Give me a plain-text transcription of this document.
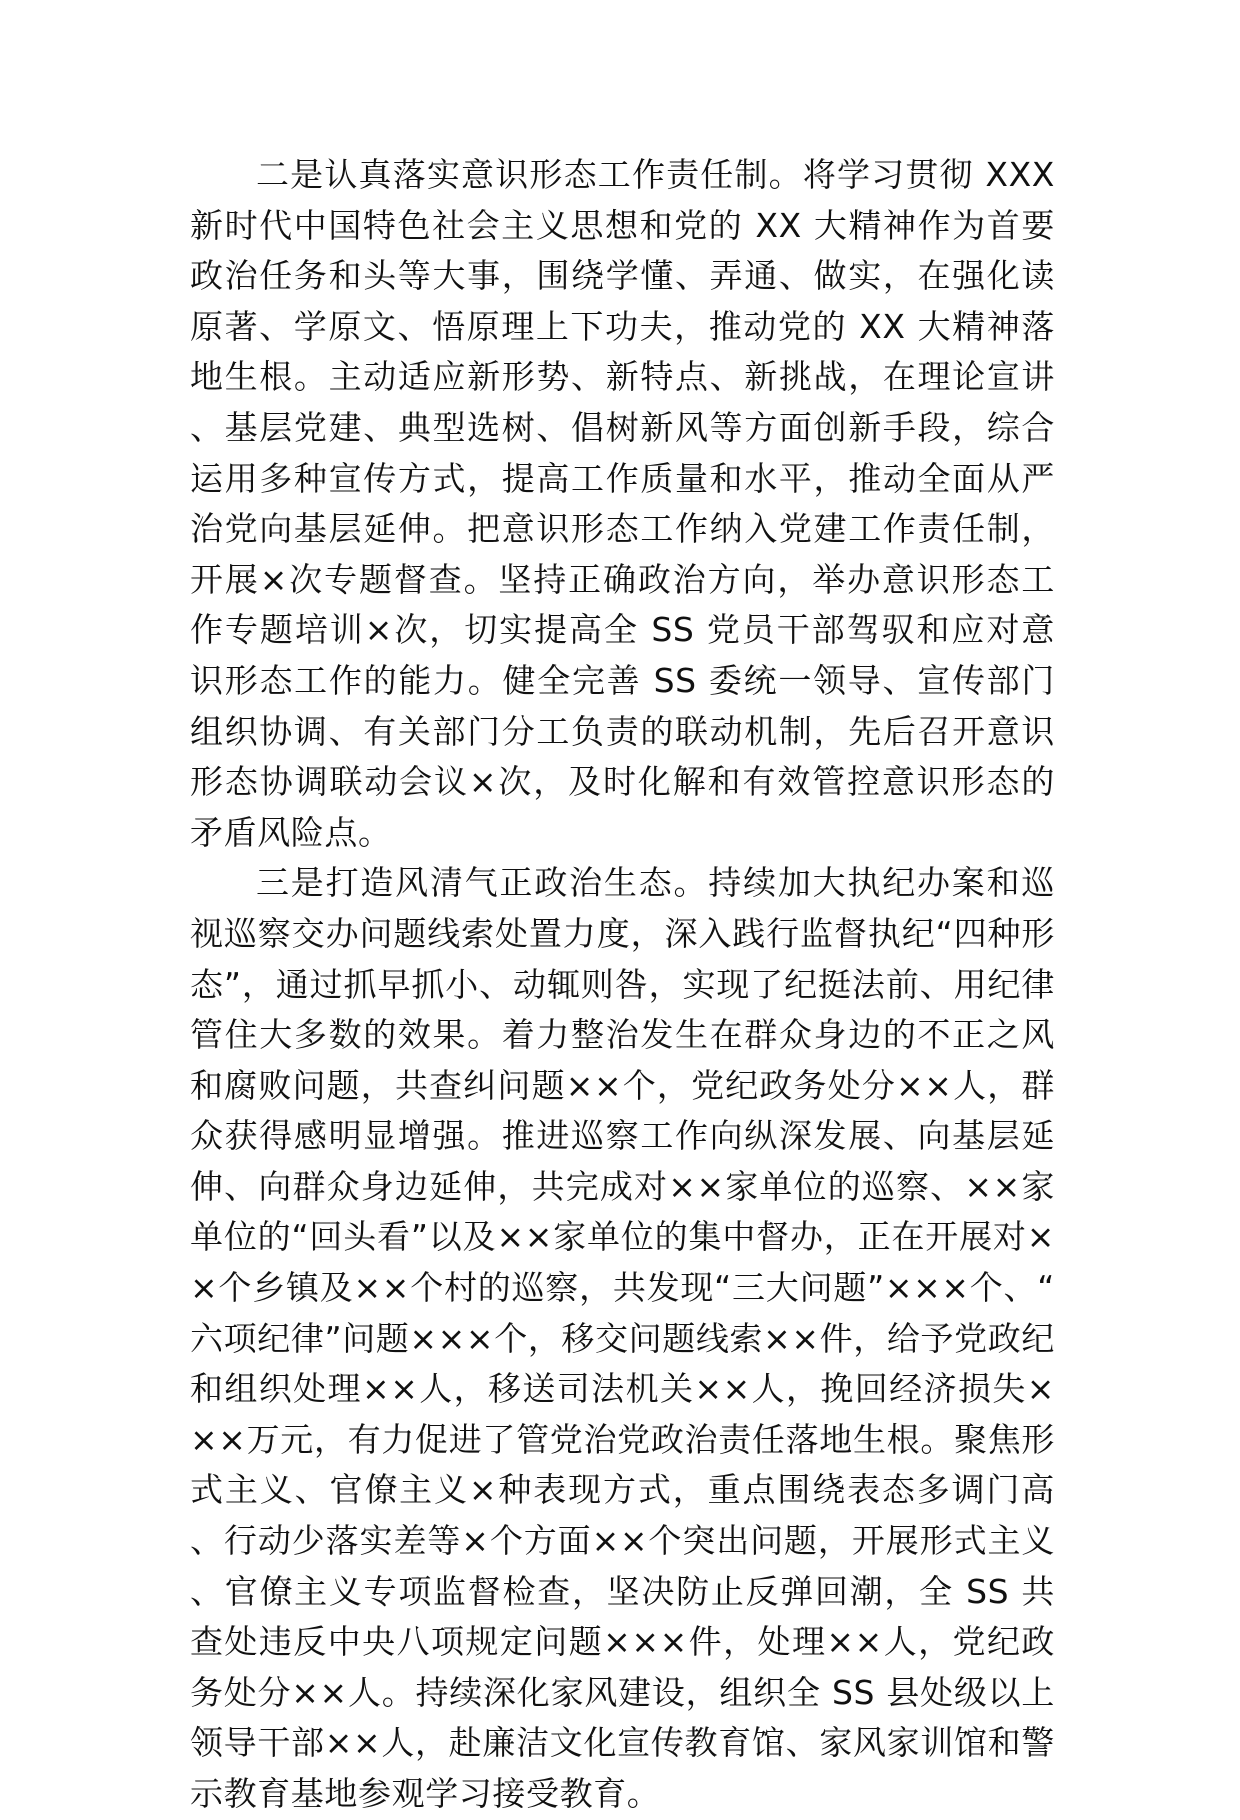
二是认真落实意识形态工作责任制。将学习贯彻 XXX 新时代中国特色社会主义思想和党的 XX 大精神作为首要政治任务和头等大事，围绕学懂、弄通、做实，在强化读原著、学原文、悟原理上下功夫，推动党的 XX 大精神落地生根。主动适应新形势、新特点、新挑战，在理论宣讲、基层党建、典型选树、倡树新风等方面创新手段，综合运用多种宣传方式，提高工作质量和水平，推动全面从严治党向基层延伸。把意识形态工作纳入党建工作责任制，开展×次专题督查。坚持正确政治方向，举办意识形态工作专题培训×次，切实提高全 SS 党员干部驾驭和应对意识形态工作的能力。健全完善 SS 委统一领导、宣传部门组织协调、有关部门分工负责的联动机制，先后召开意识形态协调联动会议×次，及时化解和有效管控意识形态的矛盾风险点。

三是打造风清气正政治生态。持续加大执纪办案和巡视巡察交办问题线索处置力度，深入践行监督执纪“四种形态”，通过抓早抓小、动辄则咎，实现了纪挺法前、用纪律管住大多数的效果。着力整治发生在群众身边的不正之风和腐败问题，共查纠问题××个，党纪政务处分××人，群众获得感明显增强。推进巡察工作向纵深发展、向基层延伸、向群众身边延伸，共完成对××家单位的巡察、××家单位的“回头看”以及××家单位的集中督办，正在开展对××个乡镇及××个村的巡察，共发现“三大问题”×××个、“六项纪律”问题×××个，移交问题线索××件，给予党政纪和组织处理××人，移送司法机关××人，挽回经济损失×××万元，有力促进了管党治党政治责任落地生根。聚焦形式主义、官僚主义×种表现方式，重点围绕表态多调门高、行动少落实差等×个方面××个突出问题，开展形式主义、官僚主义专项监督检查，坚决防止反弹回潮，全 SS 共查处违反中央八项规定问题×××件，处理××人，党纪政务处分××人。持续深化家风建设，组织全 SS 县处级以上领导干部××人，赴廉洁文化宣传教育馆、家风家训馆和警示教育基地参观学习接受教育。
